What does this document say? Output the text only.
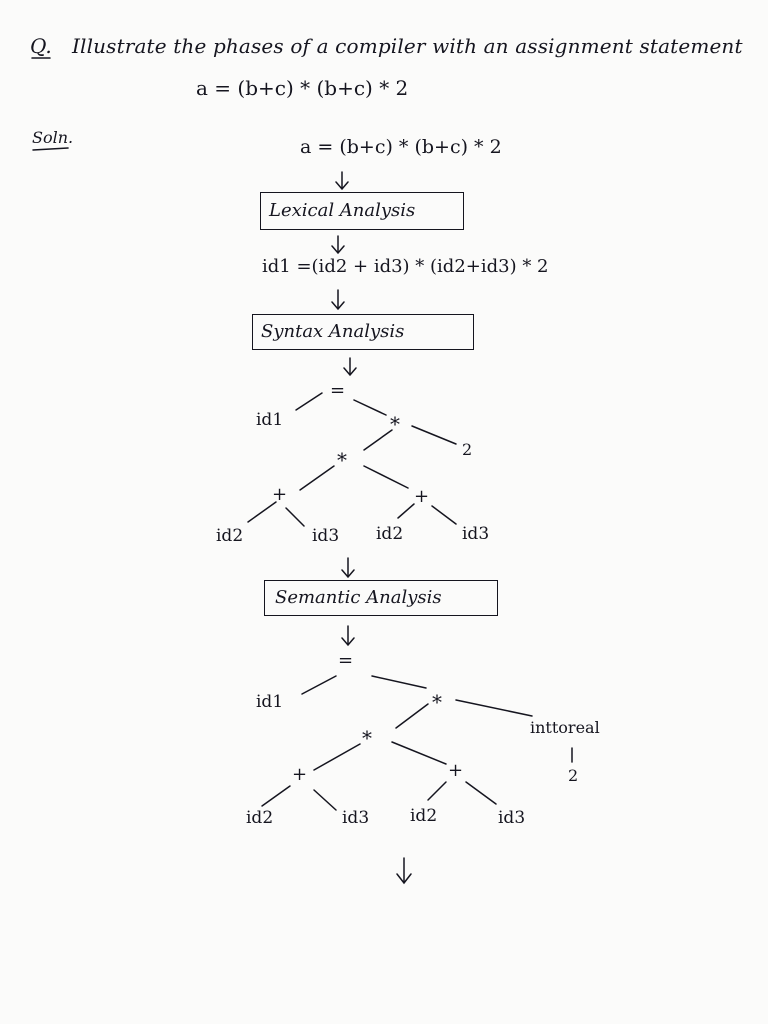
Q. Illustrate the phases of a compiler with an assignment statement
a = (b+c) * (b+c) * 2
Soln.	a = (b+c) * (b+c) * 2
Lexical Analysis
id1 =(id2 + id3) * (id2+id3) * 2
Syntax Analysis
=
id1	*
2
*
+	+
id2	id3 id2	id3
Semantic Analysis
=
id1	*
inttoreal
2
*
+	+
id2	id3 id2	id3
